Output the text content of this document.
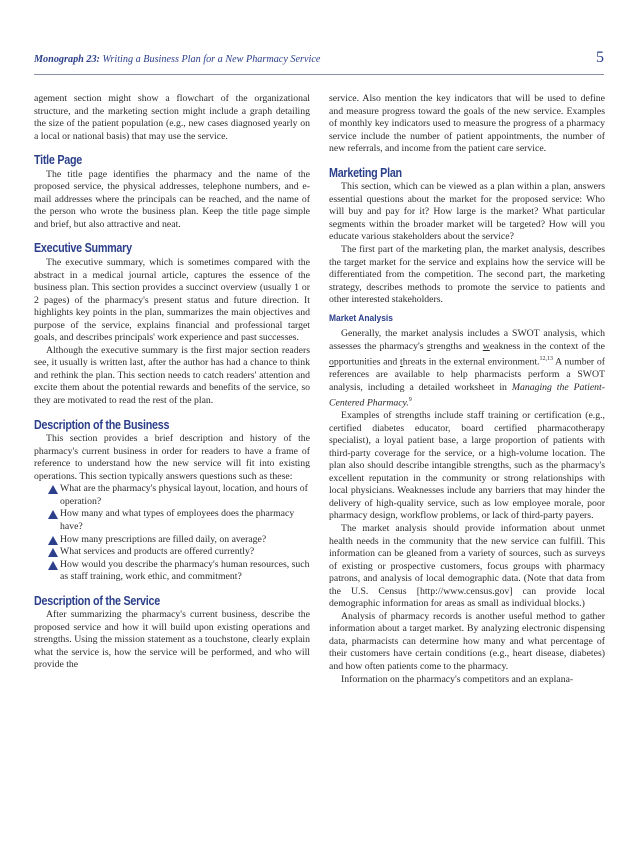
Monograph 23: Writing a Business Plan for a New Pharmacy Service	5

agement section might show a flowchart of the organizational structure, and the marketing section might include a graph detailing the size of the patient population (e.g., new cases diagnosed yearly on a local or national basis) that may use the service.

Title Page

The title page identifies the pharmacy and the name of the proposed service, the physical addresses, telephone numbers, and e-mail addresses where the principals can be reached, and the name of the person who wrote the business plan. Keep the title page simple and brief, but also attractive and neat.

Executive Summary

The executive summary, which is sometimes compared with the abstract in a medical journal article, captures the essence of the business plan. This section provides a succinct overview (usually 1 or 2 pages) of the pharmacy's present status and future direction. It highlights key points in the plan, summarizes the main objectives and purpose of the service, explains financial and professional target goals, and describes principals' work experience and past successes.

Although the executive summary is the first major section readers see, it usually is written last, after the author has had a chance to think and rethink the plan. This section needs to catch readers' attention and excite them about the potential rewards and benefits of the service, so they are motivated to read the rest of the plan.

Description of the Business

This section provides a brief description and history of the pharmacy's current business in order for readers to have a frame of reference to understand how the new service will fit into existing operations. This section typically answers questions such as these:

What are the pharmacy's physical layout, location, and hours of operation?
How many and what types of employees does the pharmacy have?
How many prescriptions are filled daily, on average?
What services and products are offered currently?
How would you describe the pharmacy's human resources, such as staff training, work ethic, and commitment?
Description of the Service

After summarizing the pharmacy's current business, describe the proposed service and how it will build upon existing operations and strengths. Using the mission statement as a touchstone, clearly explain what the service is, how the service will be performed, and who will provide the

service. Also mention the key indicators that will be used to define and measure progress toward the goals of the new service. Examples of monthly key indicators used to measure the progress of a pharmacy service include the number of patient appointments, the number of new referrals, and income from the patient care service.

Marketing Plan

This section, which can be viewed as a plan within a plan, answers essential questions about the market for the proposed service: Who will buy and pay for it? How large is the market? What particular segments within the broader market will be targeted? How will you educate various stakeholders about the service?

The first part of the marketing plan, the market analysis, describes the target market for the service and explains how the service will be differentiated from the competition. The second part, the marketing strategy, describes methods to promote the service to patients and other interested stakeholders.

Market Analysis

Generally, the market analysis includes a SWOT analysis, which assesses the pharmacy's strengths and weakness in the context of the opportunities and threats in the external environment.$^{12,13}$ A number of references are available to help pharmacists perform a SWOT analysis, including a detailed worksheet in Managing the Patient-Centered Pharmacy.$^9$

Examples of strengths include staff training or certification (e.g., certified diabetes educator, board certified pharmacotherapy specialist), a loyal patient base, a large proportion of patients with third-party coverage for the service, or a high-volume location. The plan also should describe intangible strengths, such as the pharmacy's excellent reputation in the community or strong relationships with local physicians. Weaknesses include any barriers that may hinder the delivery of high-quality service, such as low employee morale, poor pharmacy design, workflow problems, or lack of third-party payers.

The market analysis should provide information about unmet health needs in the community that the new service can fulfill. This information can be gleaned from a variety of sources, such as surveys of existing or prospective customers, focus groups with pharmacy patrons, and analysis of local demographic data. (Note that data from the U.S. Census [http://www.census.gov] can provide local demographic information for areas as small as individual blocks.)

Analysis of pharmacy records is another useful method to gather information about a target market. By analyzing electronic dispensing data, pharmacists can determine how many and what percentage of their customers have certain conditions (e.g., heart disease, diabetes) and how often patients come to the pharmacy.

Information on the pharmacy's competitors and an explana-
